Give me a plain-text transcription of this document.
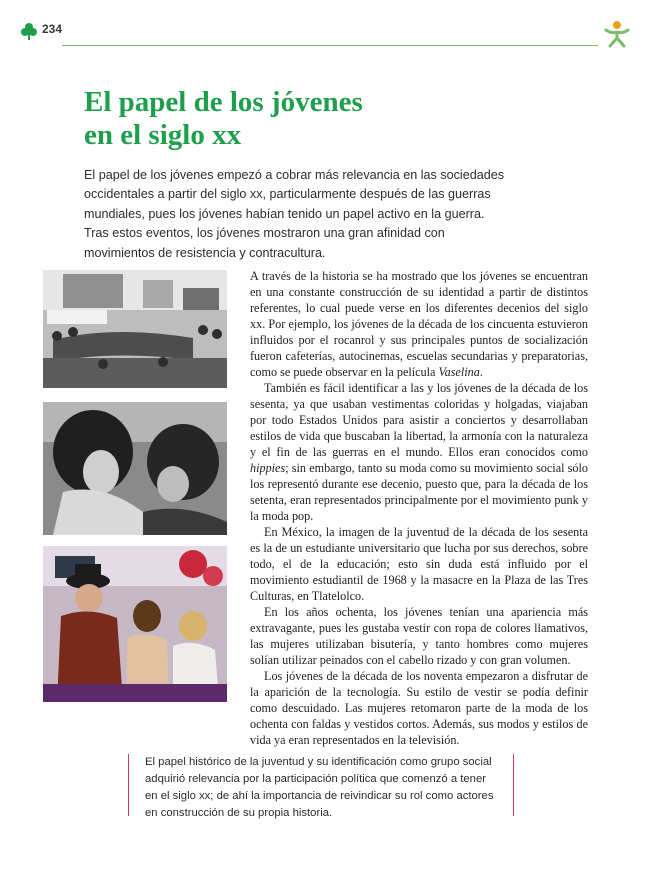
234
El papel de los jóvenes
en el siglo xx

El papel de los jóvenes empezó a cobrar más relevancia en las sociedades occidentales a partir del siglo xx, particularmente después de las guerras mundiales, pues los jóvenes habían tenido un papel activo en la guerra. Tras estos eventos, los jóvenes mostraron una gran afinidad con movimientos de resistencia y contracultura.

A través de la historia se ha mostrado que los jóvenes se encuentran en una constante construcción de su identidad a partir de distintos referentes, lo cual puede verse en los diferentes decenios del siglo xx. Por ejemplo, los jóvenes de la década de los cincuenta estuvieron influidos por el rocanrol y sus principales puntos de socialización fueron cafeterías, autocinemas, escuelas secundarias y preparatorias, como se puede observar en la película Vaselina.

También es fácil identificar a las y los jóvenes de la década de los sesenta, ya que usaban vestimentas coloridas y holgadas, viajaban por todo Estados Unidos para asistir a conciertos y desarrollaban estilos de vida que buscaban la libertad, la armonía con la naturaleza y el fin de las guerras en el mundo. Ellos eran conocidos como hippies; sin embargo, tanto su moda como su movimiento social sólo los representó durante ese decenio, puesto que, para la década de los setenta, eran representados principalmente por el movimiento punk y la moda pop.

En México, la imagen de la juventud de la década de los sesenta es la de un estudiante universitario que lucha por sus derechos, sobre todo, el de la educación; esto sin duda está influido por el movimiento estudiantil de 1968 y la masacre en la Plaza de las Tres Culturas, en Tlatelolco.

En los años ochenta, los jóvenes tenían una apariencia más extravagante, pues les gustaba vestir con ropa de colores llamativos, las mujeres utilizaban bisutería, y tanto hombres como mujeres solían utilizar peinados con el cabello rizado y con gran volumen.

Los jóvenes de la década de los noventa empezaron a disfrutar de la aparición de la tecnología. Su estilo de vestir se podía definir como descuidado. Las mujeres retomaron parte de la moda de los ochenta con faldas y vestidos cortos. Además, sus modos y estilos de vida ya eran representados en la televisión.

El papel histórico de la juventud y su identificación como grupo social adquirió relevancia por la participación política que comenzó a tener en el siglo xx; de ahí la importancia de reivindicar su rol como actores en construcción de su propia historia.
